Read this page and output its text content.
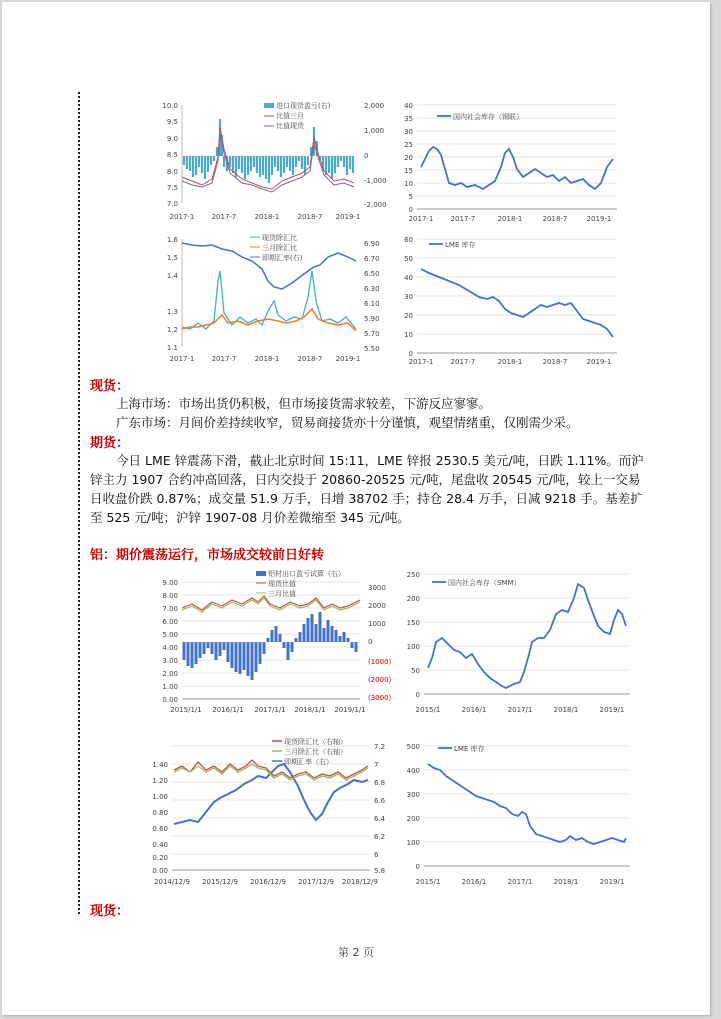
10.0
9.5
9.0
8.5
8.0
7.5
7.0
2,000
1,000
0
-1,000
-2,000
进口现货盈亏(右)
比值三月
比值现货
2017-1 2017-7	2018-1	2018-7 2019-1
40
35
30
25
20
15
10
5
0
国内社会库存（钢联）
2017-1 2017-7	2018-1	2018-7	2019-1
1.6
1.5
1.4
1.3
1.2
1.1
6.90
6.70
6.50
6.30
6.10
5.90
5.70
5.50
现货除汇比
三月除汇比
即期汇率(右)
2017-1 2017-7	2018-1	2018-7 2019-1
60
50
40
30
20
10
0
LME 库存
2017-1 2017-7	2018-1	2018-7	2019-1
现货：
上海市场：市场出货仍积极，但市场接货需求较差，下游反应寥寥。
广东市场：月间价差持续收窄，贸易商接货亦十分谨慎，观望情绪重，仅刚需少采。
期货：
今日 LME 锌震荡下滑，截止北京时间 15:11，LME 锌报 2530.5 美元/吨，日跌 1.11%。而沪
锌主力 1907 合约冲高回落，日内交投于 20860-20525 元/吨，尾盘收 20545 元/吨，较上一交易
日收盘价跌 0.87%；成交量 51.9 万手，日增 38702 手；持仓 28.4 万手，日减 9218 手。基差扩
至 525 元/吨；沪锌 1907-08 月价差微缩至 345 元/吨。
铝：期价震荡运行，市场成交较前日好转
9.00
8.00
7.00
6.00
5.00
4.00
3.00
2.00
1.00
0.00
3000
2000
1000
0
(1000)
(2000)
(3000)
铝材出口盈亏试算（右）
现货比值
三月比值
2015/1/1 2016/1/1 2017/1/1 2018/1/1 2019/1/1
250
200
150
100
50
0
国内社会库存（SMM）
2015/1	2016/1	2017/1	2018/1	2019/1
1.40
1.20
1.00
0.80
0.60
0.40
0.20
0.00
7.2
7
6.8
6.6
6.4
6.2
6
5.8
现货除汇比（右轴）
三月除汇比（右轴）
即期汇率（右）
2014/12/9 2015/12/9 2016/12/9 2017/12/9 2018/12/9
500
400
300
200
100
0
LME 库存
2015/1	2016/1	2017/1	2018/1	2019/1
现货：
第 2 页
